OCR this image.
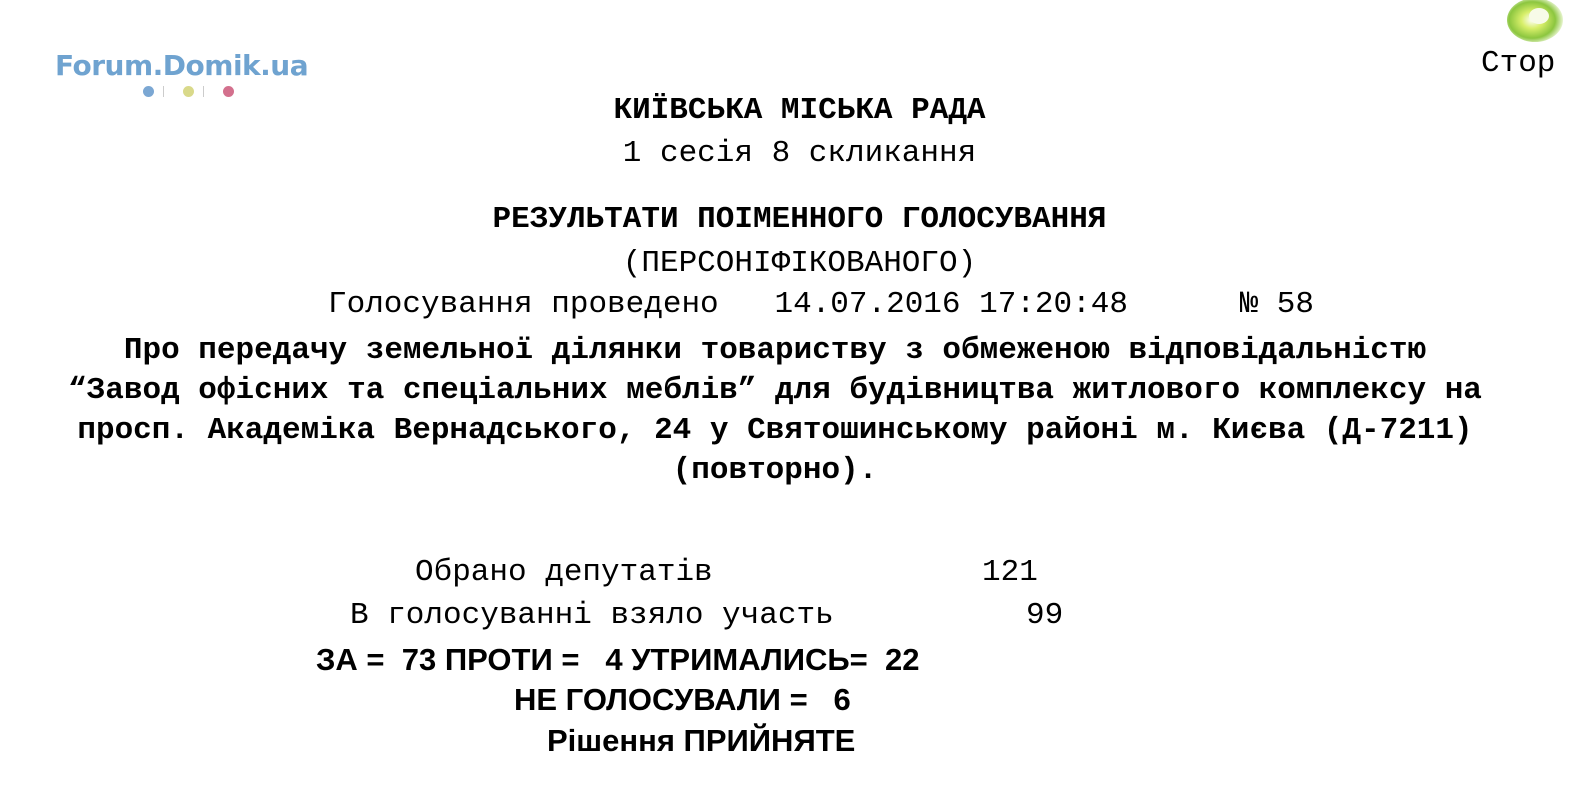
Forum.Domik.ua	Стор
КИЇВСЬКА МІСЬКА РАДА
1 сесія 8 скликання
РЕЗУЛЬТАТИ ПОІМЕННОГО ГОЛОСУВАННЯ
(ПЕРСОНІФІКОВАНОГО)
Голосування проведено 14.07.2016 17:20:48	№ 58
Про передачу земельної ділянки товариству з обмеженою відповідальністю “Завод офісних та спеціальних меблів” для будівництва житлового комплексу на просп. Академіка Вернадського, 24 у Святошинському районі м. Києва (Д-7211) (повторно).
Обрано депутатів	121
В голосуванні взяло участь	99
ЗА = 73 ПРОТИ = 4 УТРИМАЛИСЬ= 22
НЕ ГОЛОСУВАЛИ = 6
Рішення ПРИЙНЯТЕ
